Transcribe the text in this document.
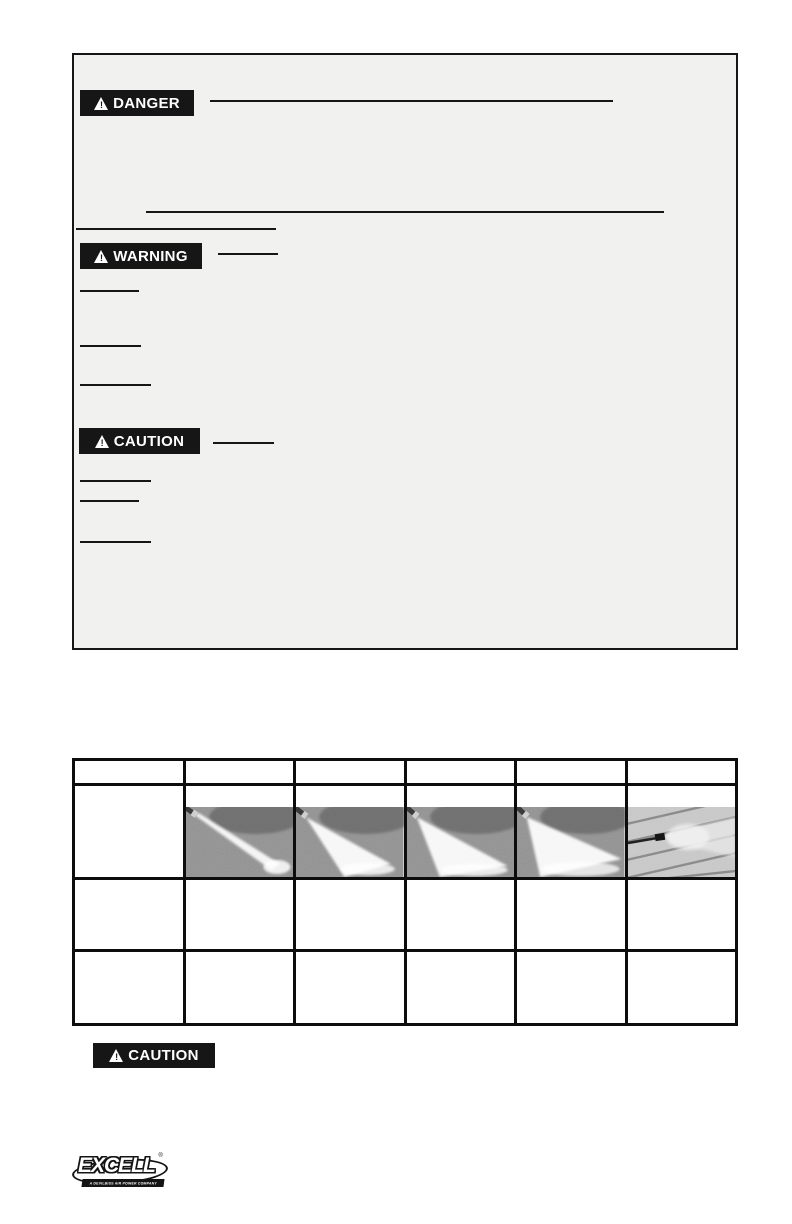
!
DANGER
!
WARNING
!
CAUTION

!
CAUTION
EXCELL ®
A DEVILBISS AIR POWER COMPANY
